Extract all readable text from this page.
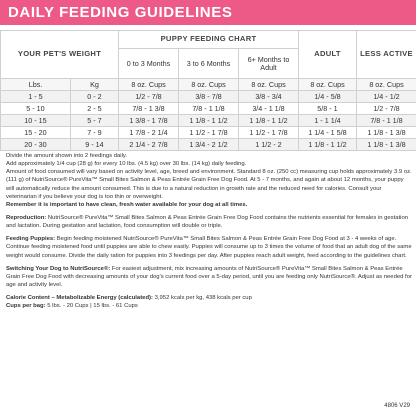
DAILY FEEDING GUIDELINES
YOUR PET'S WEIGHT		PUPPY FEEDING CHART			ADULT	LESS ACTIVE
		0 to 3 Months	3 to 6 Months	6+ Months to Adult		
Lbs.	Kg	8 oz. Cups	8 oz. Cups	8 oz. Cups	8 oz. Cups	8 oz. Cups
1 - 5	0 - 2	1/2 - 7/8	3/8 - 7/8	3/8 - 3/4	1/4 - 5/8	1/4 - 1/2
5 - 10	2 - 5	7/8 - 1 3/8	7/8 - 1 1/8	3/4 - 1 1/8	5/8 - 1	1/2 - 7/8
10 - 15	5 - 7	1 3/8 - 1 7/8	1 1/8 - 1 1/2	1 1/8 - 1 1/2	1 - 1 1/4	7/8 - 1 1/8
15 - 20	7 - 9	1 7/8 - 2 1/4	1 1/2 - 1 7/8	1 1/2 - 1 7/8	1 1/4 - 1 5/8	1 1/8 - 1 3/8
20 - 30	9 - 14	2 1/4 - 2 7/8	1 3/4 - 2 1/2	1 1/2 - 2	1 1/8 - 1 1/2	1 1/8 - 1 3/8

Divide the amount shown into 2 feedings daily.

Add approximately 1/4 cup (28 g) for every 10 lbs. (4.5 kg) over 30 lbs. (14 kg) daily feeding.

Amount of food consumed will vary based on activity level, age, breed and environment. Standard 8 oz. (250 cc) measuring cup holds approximately 3.9 oz. (111 g) of NutriSource® PureVita™ Small Bites Salmon & Peas Entrée Grain Free Dog Food. At 5 - 7 months, and again at about 12 months, your puppy will automatically reduce the amount consumed. This is due to a natural reduction in growth rate and the reduced need for calories. Consult your veterinarian if you believe your dog is too thin or overweight.

Remember it is important to have clean, fresh water available for your dog at all times.

Reproduction: NutriSource® PureVita™ Small Bites Salmon & Peas Entrée Grain Free Dog Food contains the nutrients essential for females in gestation and lactation. During gestation and lactation, food consumption will double or triple.

Feeding Puppies: Begin feeding moistened NutriSource® PureVita™ Small Bites Salmon & Peas Entrée Grain Free Dog Food at 3 - 4 weeks of age. Continue feeding moistened food until puppies are able to chew easily. Puppies will consume up to 3 times the volume of food that an adult dog of the same weight would consume. Divide the daily ration for puppies into 3 feedings per day. After puppies reach adult weight, feed according to the guidelines chart.

Switching Your Dog to NutriSource®: For easiest adjustment, mix increasing amounts of NutriSource® PureVita™ Small Bites Salmon & Peas Entrée Grain Free Dog Food with decreasing amounts of your dog's current food over a 5-day period, until you are feeding only NutriSource®. Adjust as needed for age and activity level.

Calorie Content – Metabolizable Energy (calculated): 3,952 kcals per kg, 438 kcals per cup

Cups per bag: 5 lbs. - 20 Cups | 15 lbs. - 61 Cups

4806 V29
